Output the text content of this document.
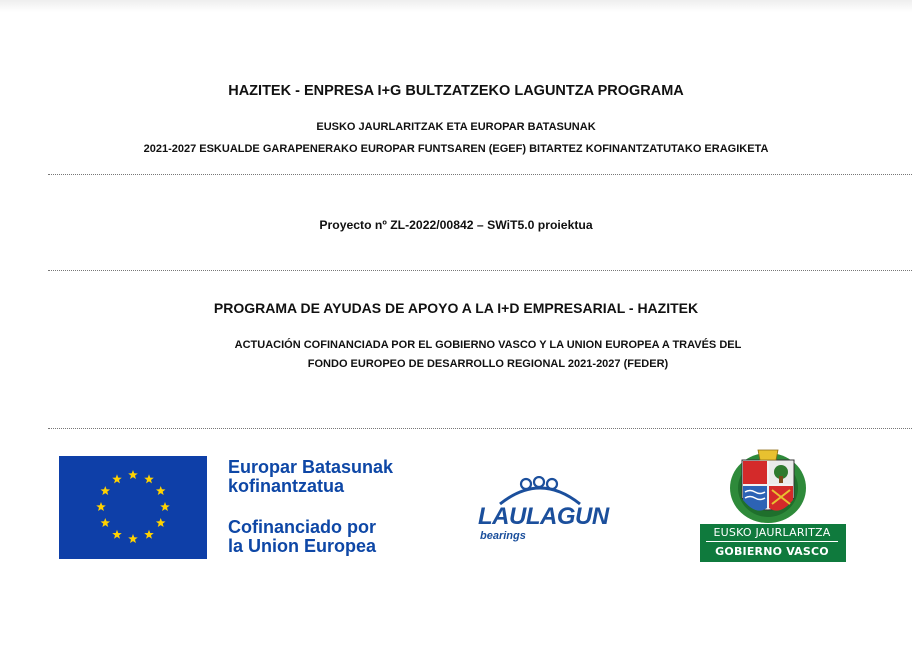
HAZITEK - ENPRESA I+G BULTZATZEKO LAGUNTZA PROGRAMA
EUSKO JAURLARITZAK ETA EUROPAR BATASUNAK
2021-2027 ESKUALDE GARAPENERAKO EUROPAR FUNTSAREN (EGEF) BITARTEZ KOFINANTZATUTAKO ERAGIKETA
Proyecto nº ZL-2022/00842 – SWiT5.0 proiektua
PROGRAMA DE AYUDAS DE APOYO A LA I+D EMPRESARIAL - HAZITEK
ACTUACIÓN COFINANCIADA POR EL GOBIERNO VASCO Y LA UNION EUROPEA A TRAVÉS DEL
FONDO EUROPEO DE DESARROLLO REGIONAL 2021-2027 (FEDER)
Europar Batasunak
kofinantzatua
Cofinanciado por
la Union Europea
LAULAGUN
bearings	EUSKO JAURLARITZA
GOBIERNO VASCO
